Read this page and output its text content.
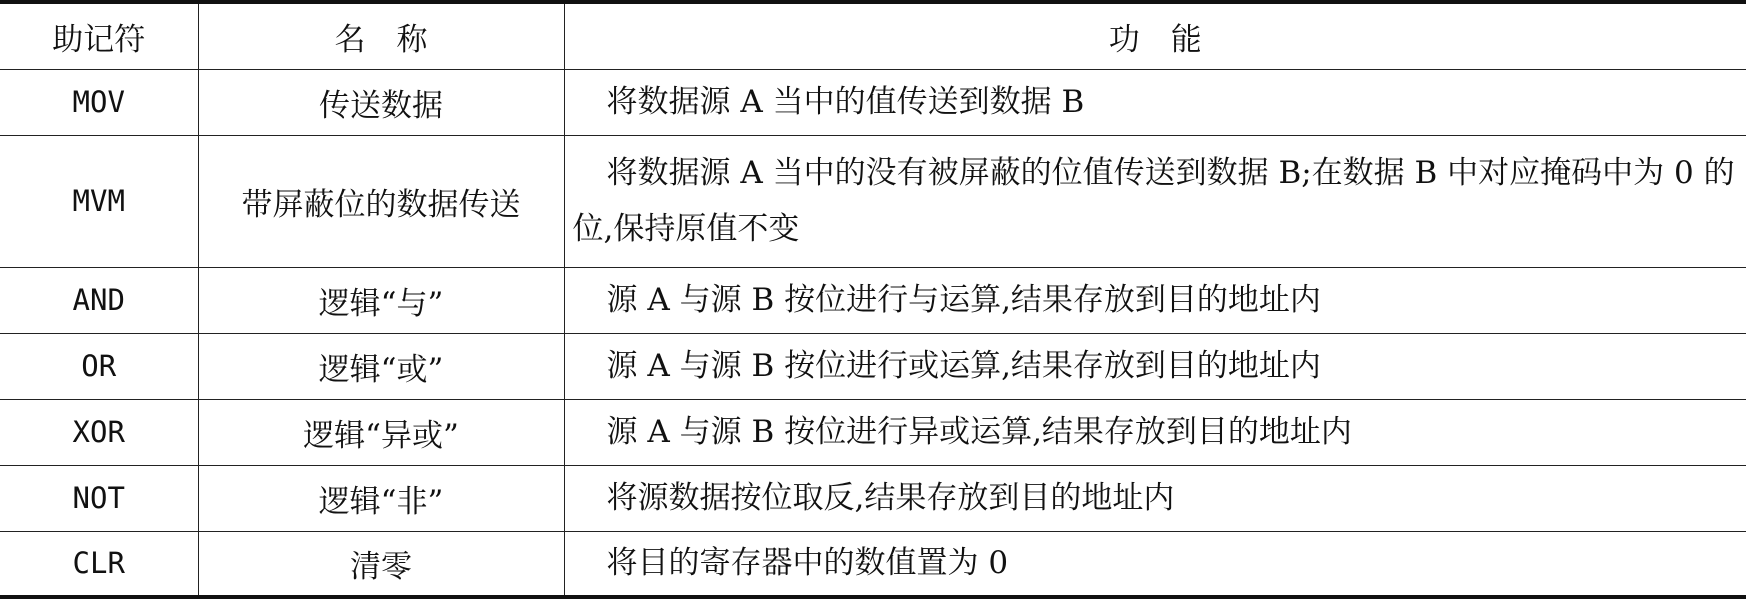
助记符	名　称	功　能
MOV	传送数据	将数据源 A 当中的值传送到数据 B
MVM	带屏蔽位的数据传送	将数据源 A 当中的没有被屏蔽的位值传送到数据 B;在数据 B 中对应掩码中为 0 的位,保持原值不变
AND	逻辑“与”	源 A 与源 B 按位进行与运算,结果存放到目的地址内
OR	逻辑“或”	源 A 与源 B 按位进行或运算,结果存放到目的地址内
XOR	逻辑“异或”	源 A 与源 B 按位进行异或运算,结果存放到目的地址内
NOT	逻辑“非”	将源数据按位取反,结果存放到目的地址内
CLR	清零	将目的寄存器中的数值置为 0
